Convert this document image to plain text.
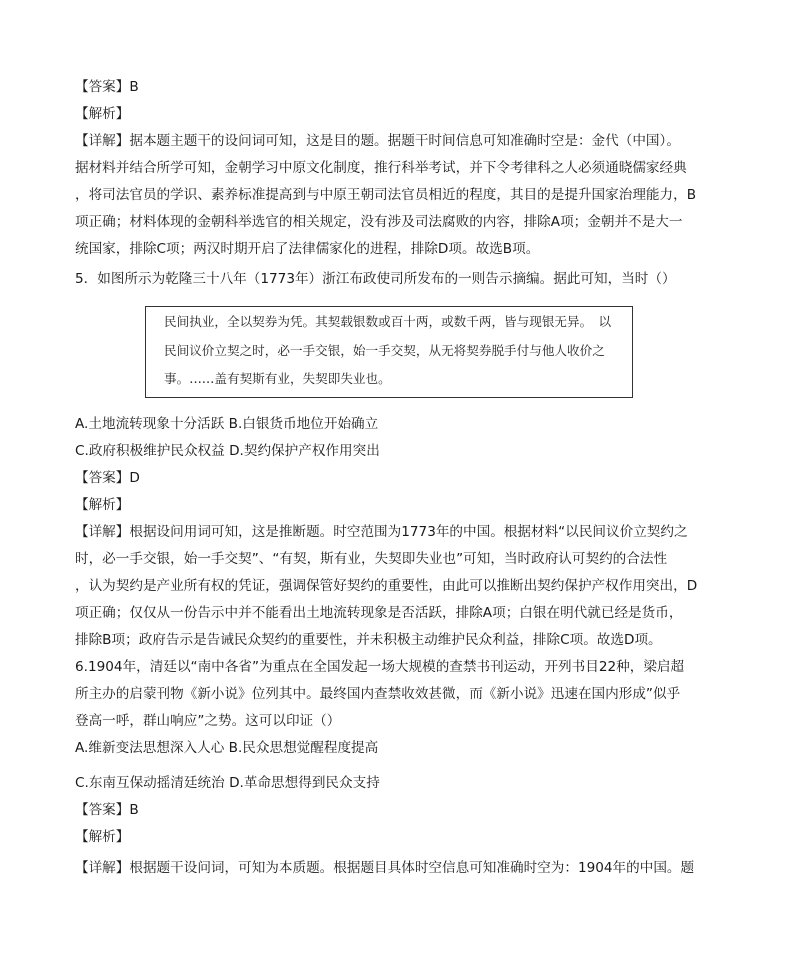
【答案】B
【解析】
【详解】据本题主题干的设问词可知，这是目的题。据题干时间信息可知准确时空是：金代（中国）。
据材料并结合所学可知，金朝学习中原文化制度，推行科举考试，并下令考律科之人必须通晓儒家经典
，将司法官员的学识、素养标准提高到与中原王朝司法官员相近的程度，其目的是提升国家治理能力，B
项正确；材料体现的金朝科举选官的相关规定，没有涉及司法腐败的内容，排除A项；金朝并不是大一
统国家，排除C项；两汉时期开启了法律儒家化的进程，排除D项。故选B项。
5．如图所示为乾隆三十八年（1773年）浙江布政使司所发布的一则告示摘编。据此可知，当时（）
民间执业，全以契券为凭。其契载银数或百十两，或数千两，皆与现银无异。　以
民间议价立契之时，必一手交银，始一手交契，从无将契券脱手付与他人收价之
事。……盖有契斯有业，失契即失业也。
A.土地流转现象十分活跃 B.白银货币地位开始确立
C.政府积极维护民众权益 D.契约保护产权作用突出
【答案】D
【解析】
【详解】根据设问用词可知，这是推断题。时空范围为1773年的中国。根据材料“以民间议价立契约之
时，必一手交银，始一手交契”、“有契，斯有业，失契即失业也”可知，当时政府认可契约的合法性
，认为契约是产业所有权的凭证，强调保管好契约的重要性，由此可以推断出契约保护产权作用突出，D
项正确；仅仅从一份告示中并不能看出土地流转现象是否活跃，排除A项；白银在明代就已经是货币，
排除B项；政府告示是告诫民众契约的重要性，并未积极主动维护民众利益，排除C项。故选D项。
6.1904年，清廷以“南中各省”为重点在全国发起一场大规模的查禁书刊运动，开列书目22种，梁启超
所主办的启蒙刊物《新小说》位列其中。最终国内查禁收效甚微，而《新小说》迅速在国内形成”似乎
登高一呼，群山响应”之势。这可以印证（）
A.维新变法思想深入人心 B.民众思想觉醒程度提高
C.东南互保动摇清廷统治 D.革命思想得到民众支持
【答案】B
【解析】
【详解】根据题干设问词，可知为本质题。根据题目具体时空信息可知准确时空为：1904年的中国。题
